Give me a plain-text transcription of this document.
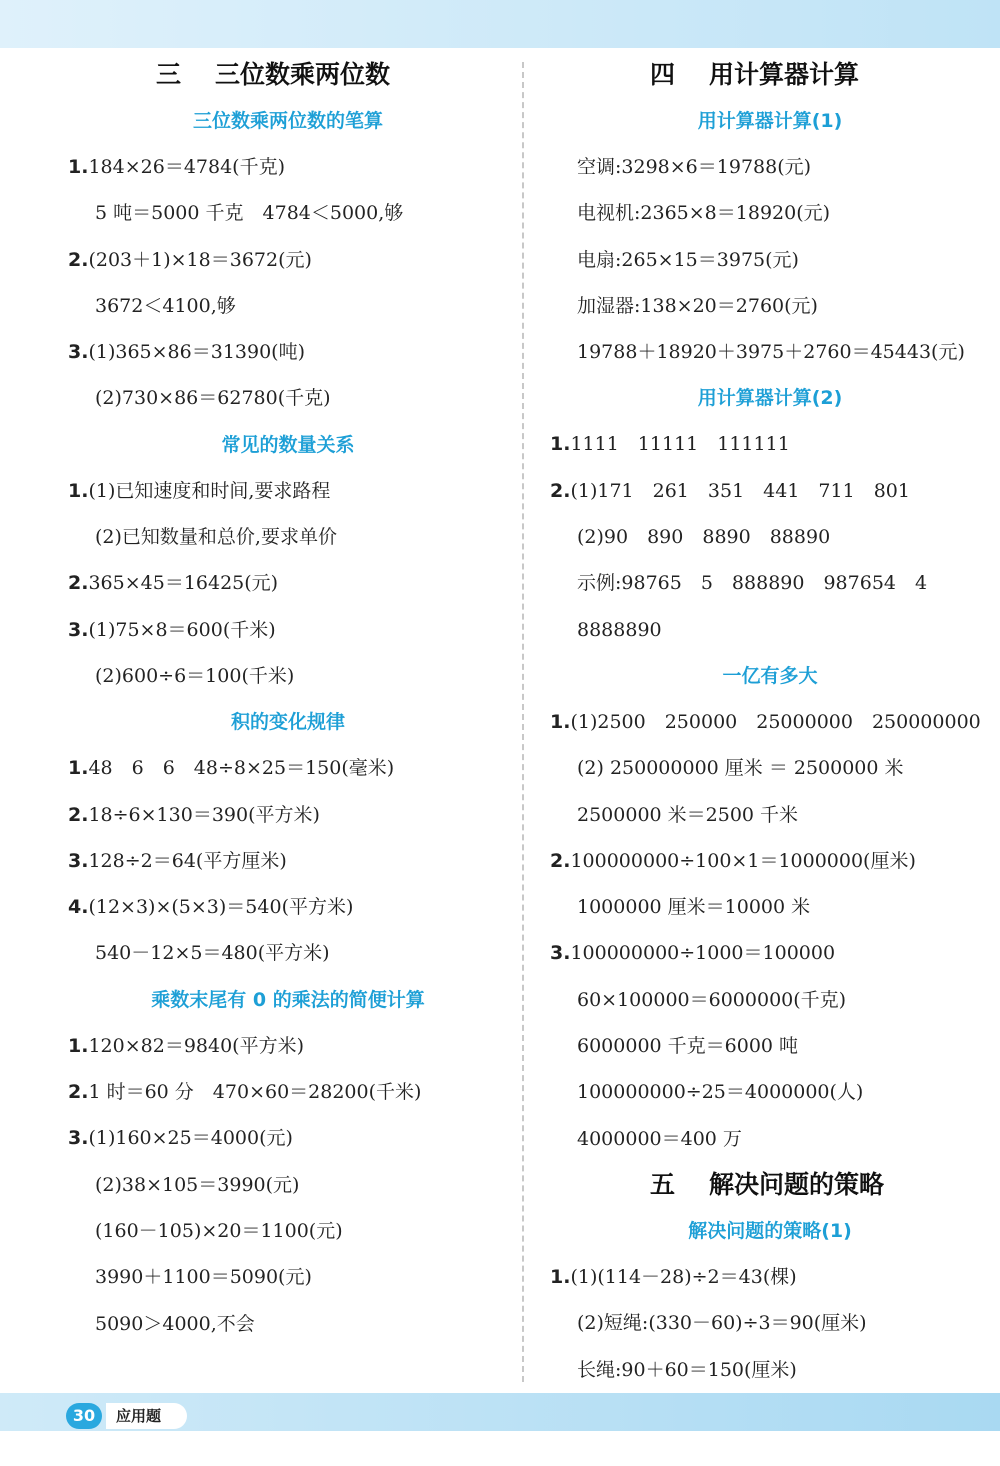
三 三位数乘两位数
三位数乘两位数的笔算
1.184×26＝4784(千克)
5 吨＝5000 千克　4784＜5000,够
2.(203＋1)×18＝3672(元)
3672＜4100,够
3.(1)365×86＝31390(吨)
(2)730×86＝62780(千克)
常见的数量关系
1.(1)已知速度和时间,要求路程
(2)已知数量和总价,要求单价
2.365×45＝16425(元)
3.(1)75×8＝600(千米)
(2)600÷6＝100(千米)
积的变化规律
1.48　6　6　48÷8×25＝150(毫米)
2.18÷6×130＝390(平方米)
3.128÷2＝64(平方厘米)
4.(12×3)×(5×3)＝540(平方米)
540－12×5＝480(平方米)
乘数末尾有 0 的乘法的简便计算
1.120×82＝9840(平方米)
2.1 时＝60 分　470×60＝28200(千米)
3.(1)160×25＝4000(元)
(2)38×105＝3990(元)
(160－105)×20＝1100(元)
3990＋1100＝5090(元)
5090＞4000,不会
四 用计算器计算
用计算器计算(1)
空调:3298×6＝19788(元)
电视机:2365×8＝18920(元)
电扇:265×15＝3975(元)
加湿器:138×20＝2760(元)
19788＋18920＋3975＋2760＝45443(元)
用计算器计算(2)
1.1111　11111　111111
2.(1)171　261　351　441　711　801
(2)90　890　8890　88890
示例:98765　5　888890　987654　4
8888890
一亿有多大
1.(1)2500　250000　25000000　250000000
(2) 250000000 厘米 ＝ 2500000 米
2500000 米＝2500 千米
2.100000000÷100×1＝1000000(厘米)
1000000 厘米＝10000 米
3.100000000÷1000＝100000
60×100000＝6000000(千克)
6000000 千克＝6000 吨
100000000÷25＝4000000(人)
4000000＝400 万
五 解决问题的策略
解决问题的策略(1)
1.(1)(114－28)÷2＝43(棵)
(2)短绳:(330－60)÷3＝90(厘米)
长绳:90＋60＝150(厘米)
30	应用题
